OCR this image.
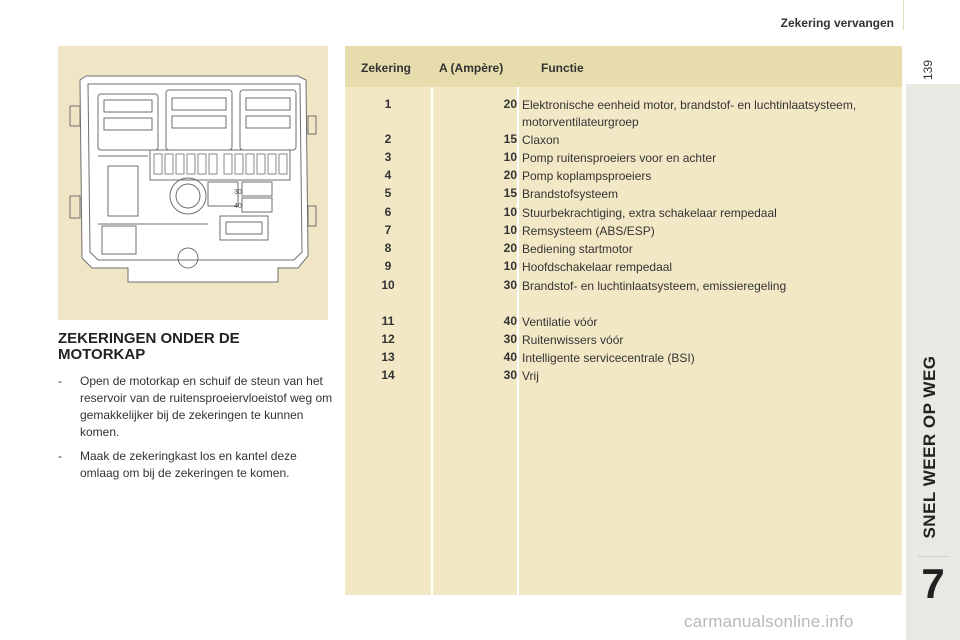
Zekering vervangen
139
SNEL WEER OP WEG
7
30
40
ZEKERINGEN ONDER DE MOTORKAP
- Open de motorkap en schuif de steun van het reservoir van de ruitensproeiervloeistof weg om gemakkelijker bij de zekeringen te kunnen komen.
- Maak de zekeringkast los en kantel deze omlaag om bij de zekeringen te komen.
Zekering A (Ampère)	Functie
1	20 Elektronische eenheid motor, brandstof- en luchtinlaatsysteem, motorventilateurgroep
2	15 Claxon
3	10 Pomp ruitensproeiers voor en achter
4	20 Pomp koplampsproeiers
5	15 Brandstofsysteem
6	10 Stuurbekrachtiging, extra schakelaar rempedaal
7	10 Remsysteem (ABS/ESP)
8	20 Bediening startmotor
9	10 Hoofdschakelaar rempedaal
10	30 Brandstof- en luchtinlaatsysteem, emissieregeling
11	40 Ventilatie vóór
12	30 Ruitenwissers vóór
13	40 Intelligente servicecentrale (BSI)
14	30 Vrij
carmanualsonline.info
